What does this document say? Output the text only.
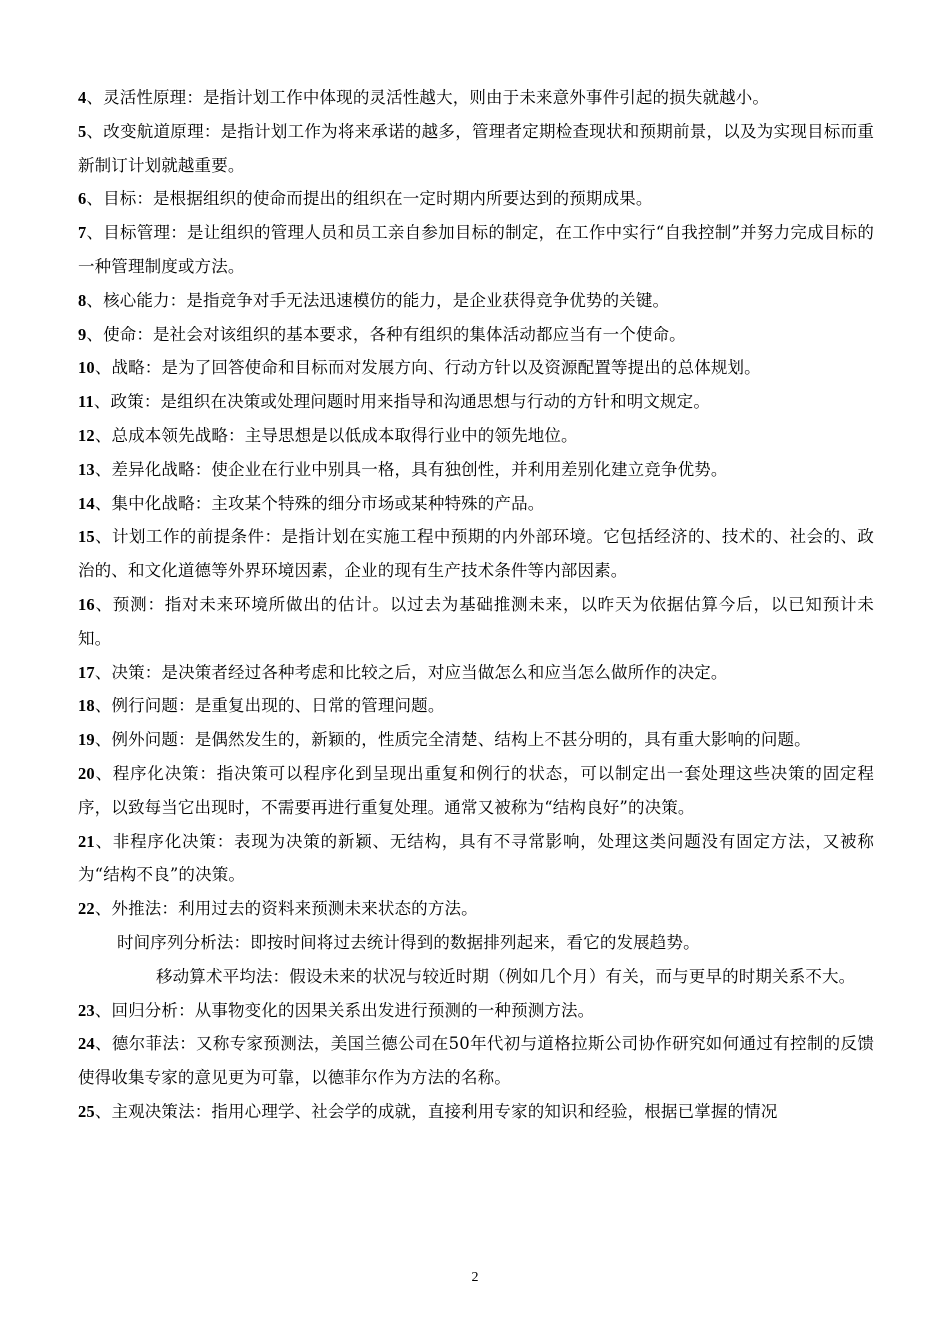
4、灵活性原理：是指计划工作中体现的灵活性越大，则由于未来意外事件引起的损失就越小。

5、改变航道原理：是指计划工作为将来承诺的越多，管理者定期检查现状和预期前景，以及为实现目标而重新制订计划就越重要。

6、目标：是根据组织的使命而提出的组织在一定时期内所要达到的预期成果。

7、目标管理：是让组织的管理人员和员工亲自参加目标的制定，在工作中实行“自我控制”并努力完成目标的一种管理制度或方法。

8、核心能力：是指竞争对手无法迅速模仿的能力，是企业获得竞争优势的关键。

9、使命：是社会对该组织的基本要求，各种有组织的集体活动都应当有一个使命。

10、战略：是为了回答使命和目标而对发展方向、行动方针以及资源配置等提出的总体规划。

11、政策：是组织在决策或处理问题时用来指导和沟通思想与行动的方针和明文规定。

12、总成本领先战略：主导思想是以低成本取得行业中的领先地位。

13、差异化战略：使企业在行业中别具一格，具有独创性，并利用差别化建立竞争优势。

14、集中化战略：主攻某个特殊的细分市场或某种特殊的产品。

15、计划工作的前提条件：是指计划在实施工程中预期的内外部环境。它包括经济的、技术的、社会的、政治的、和文化道德等外界环境因素，企业的现有生产技术条件等内部因素。

16、预测：指对未来环境所做出的估计。以过去为基础推测未来，以昨天为依据估算今后，以已知预计未知。

17、决策：是决策者经过各种考虑和比较之后，对应当做怎么和应当怎么做所作的决定。

18、例行问题：是重复出现的、日常的管理问题。

19、例外问题：是偶然发生的，新颖的，性质完全清楚、结构上不甚分明的，具有重大影响的问题。

20、程序化决策：指决策可以程序化到呈现出重复和例行的状态，可以制定出一套处理这些决策的固定程序，以致每当它出现时，不需要再进行重复处理。通常又被称为“结构良好”的决策。

21、非程序化决策：表现为决策的新颖、无结构，具有不寻常影响，处理这类问题没有固定方法，又被称为“结构不良”的决策。

22、外推法：利用过去的资料来预测未来状态的方法。

时间序列分析法：即按时间将过去统计得到的数据排列起来，看它的发展趋势。

移动算术平均法：假设未来的状况与较近时期（例如几个月）有关，而与更早的时期关系不大。

23、回归分析：从事物变化的因果关系出发进行预测的一种预测方法。

24、德尔菲法：又称专家预测法，美国兰德公司在50年代初与道格拉斯公司协作研究如何通过有控制的反馈使得收集专家的意见更为可靠，以德菲尔作为方法的名称。

25、主观决策法：指用心理学、社会学的成就，直接利用专家的知识和经验，根据已掌握的情况

2
